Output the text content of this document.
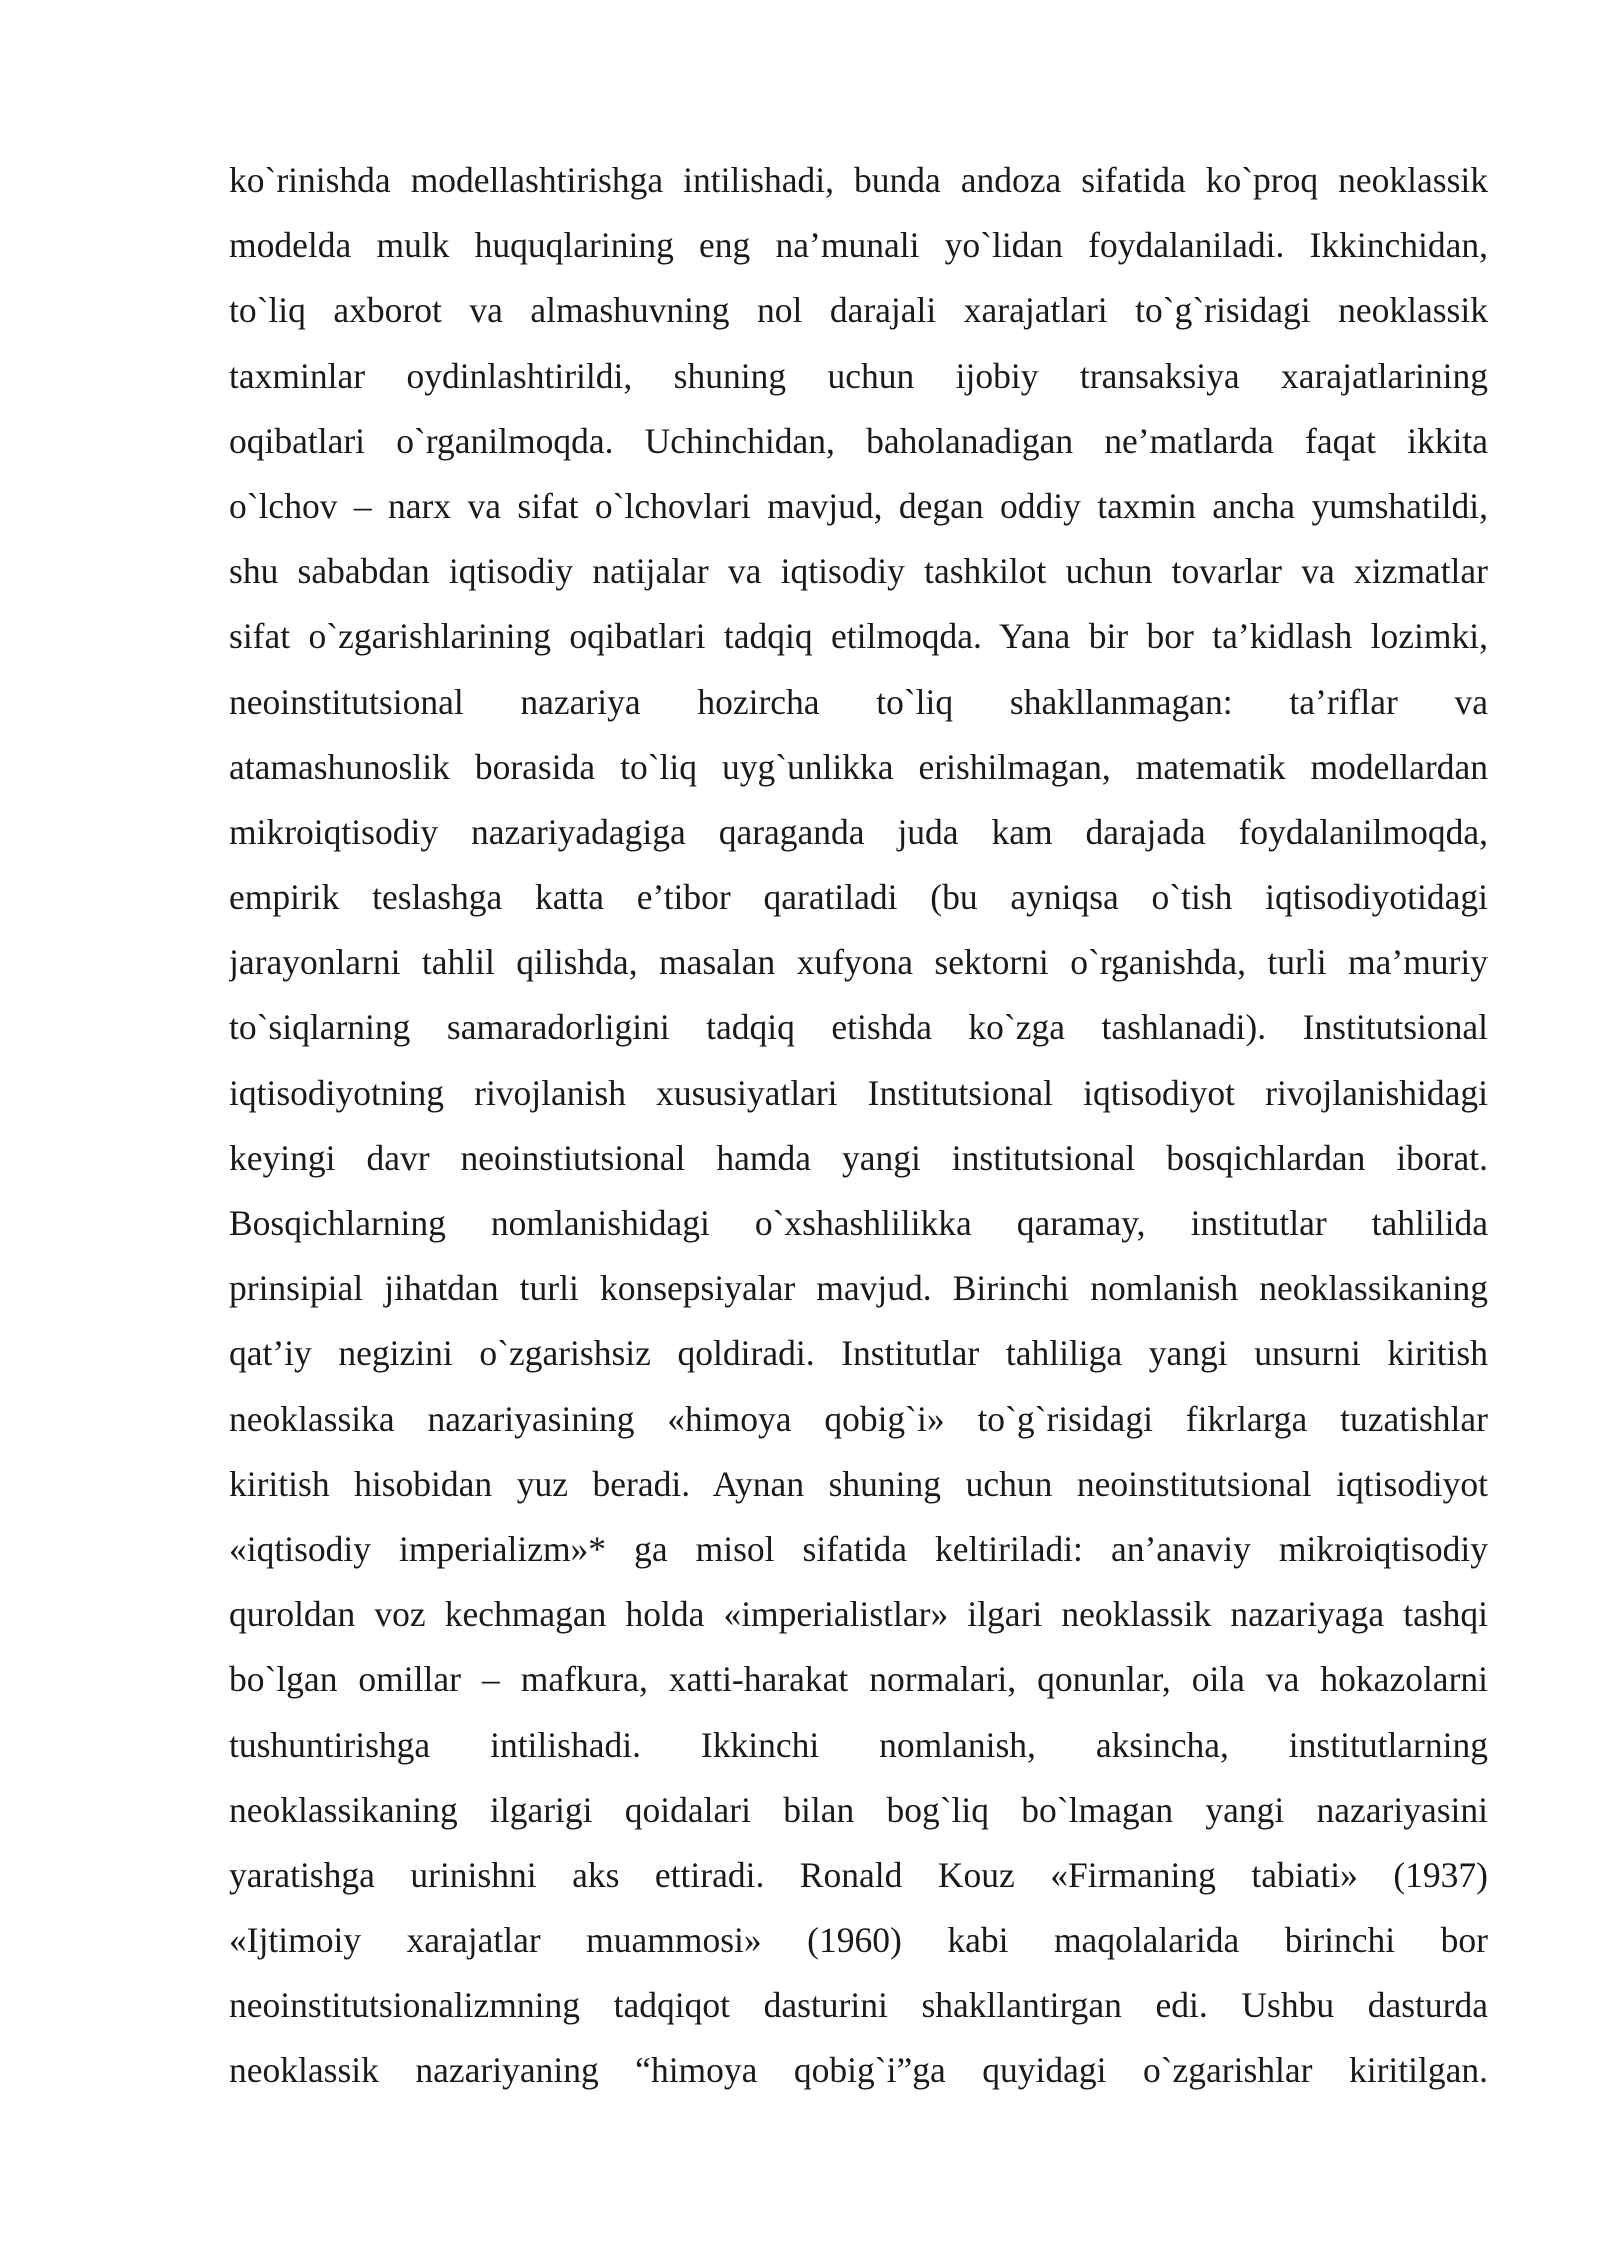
ko`rinishda modellashtirishga intilishadi, bunda andoza sifatida ko`proq neoklassik
modelda mulk huquqlarining eng na’munali yo`lidan foydalaniladi. Ikkinchidan,
to`liq axborot va almashuvning nol darajali xarajatlari to`g`risidagi neoklassik
taxminlar oydinlashtirildi, shuning uchun ijobiy transaksiya xarajatlarining
oqibatlari o`rganilmoqda. Uchinchidan, baholanadigan ne’matlarda faqat ikkita
o`lchov – narx va sifat o`lchovlari mavjud, degan oddiy taxmin ancha yumshatildi,
shu sababdan iqtisodiy natijalar va iqtisodiy tashkilot uchun tovarlar va xizmatlar
sifat o`zgarishlarining oqibatlari tadqiq etilmoqda. Yana bir bor ta’kidlash lozimki,
neoinstitutsional nazariya hozircha to`liq shakllanmagan: ta’riflar va
atamashunoslik borasida to`liq uyg`unlikka erishilmagan, matematik modellardan
mikroiqtisodiy nazariyadagiga qaraganda juda kam darajada foydalanilmoqda,
empirik teslashga katta e’tibor qaratiladi (bu ayniqsa o`tish iqtisodiyotidagi
jarayonlarni tahlil qilishda, masalan xufyona sektorni o`rganishda, turli ma’muriy
to`siqlarning samaradorligini tadqiq etishda ko`zga tashlanadi). Institutsional
iqtisodiyotning rivojlanish xususiyatlari Institutsional iqtisodiyot rivojlanishidagi
keyingi davr neoinstiutsional hamda yangi institutsional bosqichlardan iborat.
Bosqichlarning nomlanishidagi o`xshashlilikka qaramay, institutlar tahlilida
prinsipial jihatdan turli konsepsiyalar mavjud. Birinchi nomlanish neoklassikaning
qat’iy negizini o`zgarishsiz qoldiradi. Institutlar tahliliga yangi unsurni kiritish
neoklassika nazariyasining «himoya qobig`i» to`g`risidagi fikrlarga tuzatishlar
kiritish hisobidan yuz beradi. Aynan shuning uchun neoinstitutsional iqtisodiyot
«iqtisodiy imperializm»* ga misol sifatida keltiriladi: an’anaviy mikroiqtisodiy
quroldan voz kechmagan holda «imperialistlar» ilgari neoklassik nazariyaga tashqi
bo`lgan omillar – mafkura, xatti-harakat normalari, qonunlar, oila va hokazolarni
tushuntirishga intilishadi. Ikkinchi nomlanish, aksincha, institutlarning
neoklassikaning ilgarigi qoidalari bilan bog`liq bo`lmagan yangi nazariyasini
yaratishga urinishni aks ettiradi. Ronald Kouz «Firmaning tabiati» (1937)
«Ijtimoiy xarajatlar muammosi» (1960) kabi maqolalarida birinchi bor
neoinstitutsionalizmning tadqiqot dasturini shakllantirgan edi. Ushbu dasturda
neoklassik nazariyaning “himoya qobig`i”ga quyidagi o`zgarishlar kiritilgan.
